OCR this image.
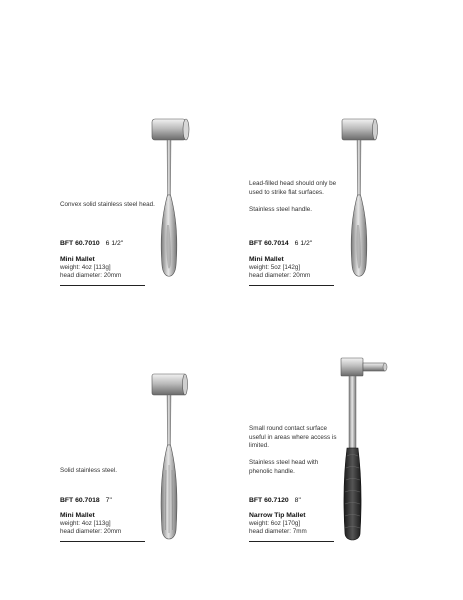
Convex solid stainless steel head.

BFT 60.7010 6 1/2"
Mini Mallet
weight: 4oz [113g]
head diameter: 20mm

Lead-filled head should only be used to strike flat surfaces.

Stainless steel handle.

BFT 60.7014 6 1/2"
Mini Mallet
weight: 5oz [142g]
head diameter: 20mm

Solid stainless steel.

BFT 60.7018 7"
Mini Mallet
weight: 4oz [113g]
head diameter: 20mm

Small round contact surface useful in areas where access is limited.

Stainless steel head with phenolic handle.

BFT 60.7120 8"
Narrow Tip Mallet
weight: 6oz [170g]
head diameter: 7mm
